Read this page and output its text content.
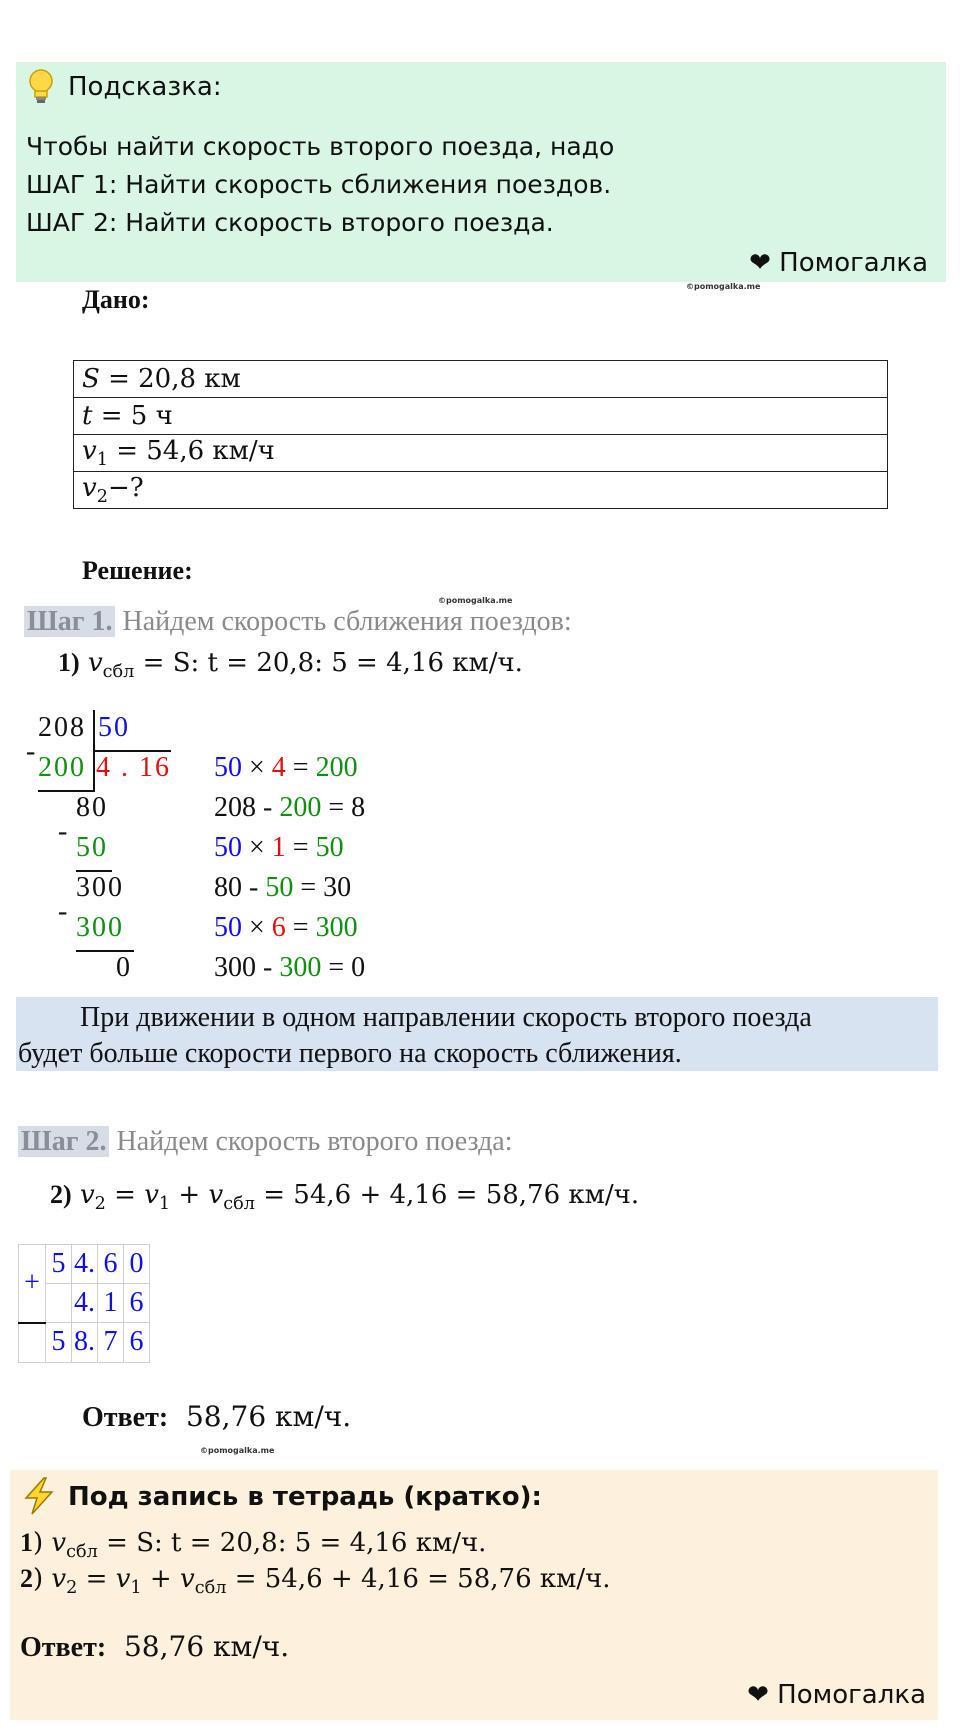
Подсказка:
Чтобы найти скорость второго поезда, надо
ШАГ 1: Найти скорость сближения поездов.
ШАГ 2: Найти скорость второго поезда.
❤ Помогалка
©pomogalka.me
Дано:
S = 20,8 км
t = 5 ч
$v_1 = 54,6$ км/ч
$v_2-$?
Решение:
©pomogalka.me
Шаг 1. Найдем скорость сближения поездов:
1) $v_{сбл} = S$: t = 20,8: 5 = 4,16 км/ч.
208 50
-
200 4 . 16
80
-
50
300
-
300
0
50 × 4 = 200
208 - 200 = 8
50 × 1 = 50
80 - 50 = 30
50 × 6 = 300
300 - 300 = 0
При движении в одном направлении скорость второго поезда
будет больше скорости первого на скорость сближения.
Шаг 2. Найдем скорость второго поезда:
2) $v_2 = v_1 + v_{сбл} = 54,6 + 4,16 = 58,76$ км/ч.
+	5	4.	6	0
		4.	1	6
	5	8.	7	6
Ответ: 58,76 км/ч.
©pomogalka.me
Под запись в тетрадь (кратко):
1) $v_{сбл} = S$: t = 20,8: 5 = 4,16 км/ч.
2) $v_2 = v_1 + v_{сбл} = 54,6 + 4,16 = 58,76$ км/ч.
Ответ: 58,76 км/ч.
❤ Помогалка
